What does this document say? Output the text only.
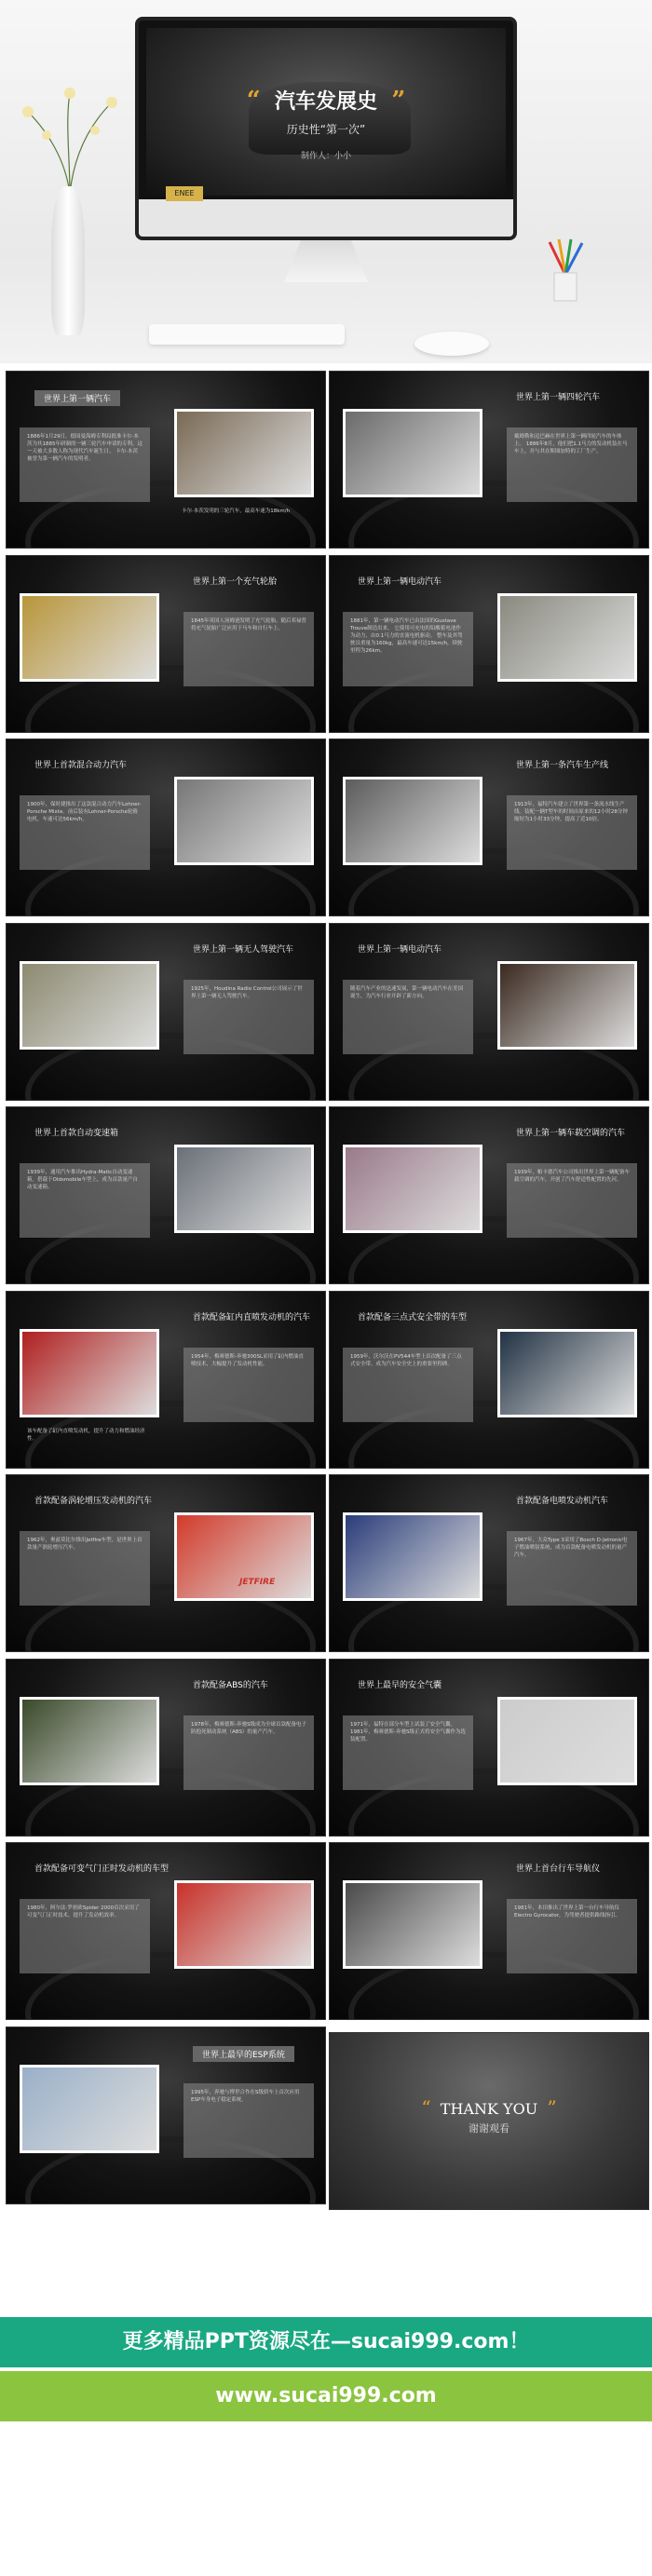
“ 汽车发展史 ”
历史性“第一次”
制作人：小小
ENEE
世界上第一辆汽车
1886年1月29日，德国曼海姆专利局批准卡尔·本茨为其1885年研制的一辆三轮汽车申请的专利。这一天被大多数人称为现代汽车诞生日。 卡尔·本茨被誉为第一辆汽车的发明者。
卡尔·本茨发明的三轮汽车，最高车速为18km/h
世界上第一辆四轮汽车
戴姆勒和迈巴赫在世界上第一辆四轮汽车的车体上。 1886年8月，他们把1.1马力的发动机装在马车上，并与其在斯图加特的工厂生产。
世界上第一个充气轮胎
1845年英国人汤姆逊发明了充气轮胎。随后邓禄普将充气轮胎广泛应用于马车和自行车上。
世界上第一辆电动汽车
1881年，第一辆电动汽车已由法国的Gustave Trouve制造出来。 它使用可充电的铅酸蓄电池作为动力，由0.1马力的直流电机驱动。 整车及其驾驶员重量为160kg，最高车速可达15km/h，续驶里程为26km。
世界上首款混合动力汽车
1900年，保时捷推出了这款混合动力汽车Lohner-Porsche Mixte。前后装有Lohner-Porsche轮毂电机，车速可达56km/h。
世界上第一条汽车生产线
1913年，福特汽车建立了世界第一条流水线生产线。装配一辆T型车的时间由原来的12小时28分钟缩短为1小时33分钟，提高了近10倍。
世界上第一辆无人驾驶汽车
1925年，Houdina Radio Control公司展示了世界上第一辆无人驾驶汽车。
世界上第一辆电动汽车
随着汽车产业的迅速发展，第一辆电动汽车在美国诞生，为汽车行业开辟了新方向。
世界上首款自动变速箱
1939年，通用汽车推出Hydra-Matic自动变速箱，搭载于Oldsmobile车型上，成为首款量产自动变速箱。
世界上第一辆车载空调的汽车
1939年，帕卡德汽车公司推出世界上第一辆配备车载空调的汽车，开创了汽车舒适性配置的先河。
首款配备缸内直喷发动机的汽车
1954年，梅赛德斯-奔驰300SL采用了缸内燃油直喷技术，大幅提升了发动机性能。
该车配备了缸内直喷发动机，提升了动力和燃油经济性。
首款配备三点式安全带的车型
1959年，沃尔沃在PV544车型上首次配备了三点式安全带，成为汽车安全史上的重要里程碑。
首款配备涡轮增压发动机的汽车
1962年，奥兹莫比尔推出Jetfire车型，是世界上首款量产涡轮增压汽车。
JETFIRE
首款配备电喷发动机汽车
1967年，大众Type 3采用了Bosch D-Jetronic电子燃油喷射系统，成为首款配备电喷发动机的量产汽车。
首款配备ABS的汽车
1978年，梅赛德斯-奔驰S级成为全球首款配备电子防抱死制动系统（ABS）的量产汽车。
世界上最早的安全气囊
1971年，福特在部分车型上试装了安全气囊。1981年，梅赛德斯-奔驰S级正式将安全气囊作为选装配置。
首款配备可变气门正时发动机的车型
1980年，阿尔法·罗密欧Spider 2000首次采用了可变气门正时技术，提升了发动机效率。
世界上首台行车导航仪
1981年，本田推出了世界上第一台行车导航仪Electro Gyrocator，为驾驶者提供路线指引。
世界上最早的ESP系统
1995年，奔驰与博世合作在S级轿车上首次应用ESP车身电子稳定系统。	“ THANK YOU ”
谢谢观看
更多精品PPT资源尽在—sucai999.com！
www.sucai999.com
